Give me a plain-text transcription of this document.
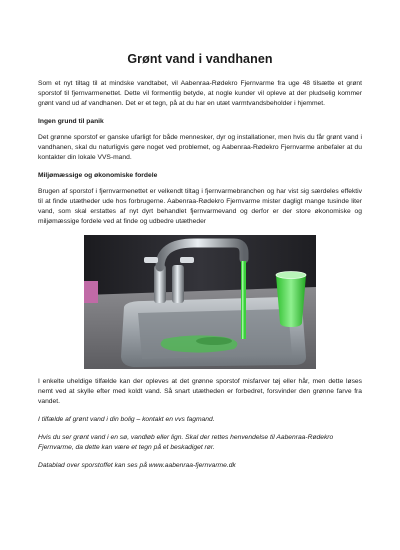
Grønt vand i vandhanen

Som et nyt tiltag til at mindske vandtabet, vil Aabenraa-Rødekro Fjernvarme fra uge 48 tilsætte et grønt sporstof til fjernvarmenettet. Dette vil formentlig betyde, at nogle kunder vil opleve at der pludselig kommer grønt vand ud af vandhanen. Det er et tegn, på at du har en utæt varmtvandsbeholder i hjemmet.

Ingen grund til panik

Det grønne sporstof er ganske ufarligt for både mennesker, dyr og installationer, men hvis du får grønt vand i vandhanen, skal du naturligvis gøre noget ved problemet, og Aabenraa-Rødekro Fjernvarme anbefaler at du kontakter din lokale VVS-mand.

Miljømæssige og økonomiske fordele

Brugen af sporstof i fjernvarmenettet er velkendt tiltag i fjernvarmebranchen og har vist sig særdeles effektiv til at finde utætheder ude hos forbrugerne. Aabenraa-Rødekro Fjernvarme mister dagligt mange tusinde liter vand, som skal erstattes af nyt dyrt behandlet fjernvarmevand og derfor er der store økonomiske og miljømæssige fordele ved at finde og udbedre utætheder

I enkelte uheldige tilfælde kan der opleves at det grønne sporstof misfarver tøj eller hår, men dette løses nemt ved at skylle efter med koldt vand. Så snart utætheden er forbedret, forsvinder den grønne farve fra vandet.

I tilfælde af grønt vand i din bolig – kontakt en vvs fagmand.

Hvis du ser grønt vand i en sø, vandløb eller lign. Skal der rettes henvendelse til Aabenraa-Rødekro Fjernvarme, da dette kan være et tegn på et beskadiget rør.

Datablad over sporstoffet kan ses på www.aabenraa-fjernvarme.dk
